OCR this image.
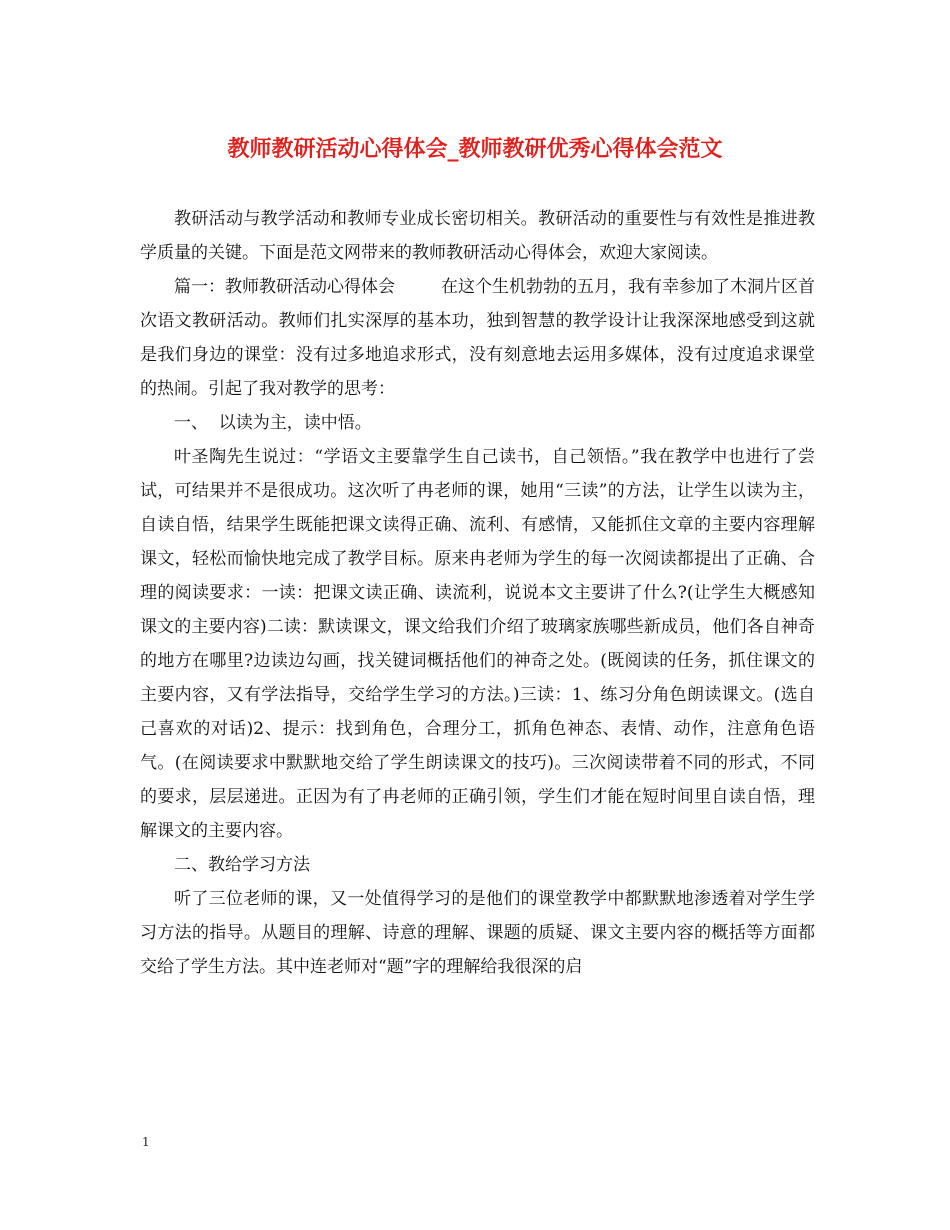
教师教研活动心得体会_教师教研优秀心得体会范文

教研活动与教学活动和教师专业成长密切相关。教研活动的重要性与有效性是推进教学质量的关键。下面是范文网带来的教师教研活动心得体会，欢迎大家阅读。

篇一：教师教研活动心得体会	在这个生机勃勃的五月，我有幸参加了木洞片区首次语文教研活动。教师们扎实深厚的基本功，独到智慧的教学设计让我深深地感受到这就是我们身边的课堂：没有过多地追求形式，没有刻意地去运用多媒体，没有过度追求课堂的热闹。引起了我对教学的思考：

一、  以读为主，读中悟。

叶圣陶先生说过：“学语文主要靠学生自己读书，自己领悟。”我在教学中也进行了尝试，可结果并不是很成功。这次听了冉老师的课，她用“三读”的方法，让学生以读为主，自读自悟，结果学生既能把课文读得正确、流利、有感情，又能抓住文章的主要内容理解课文，轻松而愉快地完成了教学目标。原来冉老师为学生的每一次阅读都提出了正确、合理的阅读要求：一读：把课文读正确、读流利，说说本文主要讲了什么?(让学生大概感知课文的主要内容)二读：默读课文，课文给我们介绍了玻璃家族哪些新成员，他们各自神奇的地方在哪里?边读边勾画，找关键词概括他们的神奇之处。(既阅读的任务，抓住课文的主要内容，又有学法指导，交给学生学习的方法。)三读：1、练习分角色朗读课文。(选自己喜欢的对话)2、提示：找到角色，合理分工，抓角色神态、表情、动作，注意角色语气。(在阅读要求中默默地交给了学生朗读课文的技巧)。三次阅读带着不同的形式，不同的要求，层层递进。正因为有了冉老师的正确引领，学生们才能在短时间里自读自悟，理解课文的主要内容。

二、教给学习方法

听了三位老师的课，又一处值得学习的是他们的课堂教学中都默默地渗透着对学生学习方法的指导。从题目的理解、诗意的理解、课题的质疑、课文主要内容的概括等方面都交给了学生方法。其中连老师对“题”字的理解给我很深的启

1
